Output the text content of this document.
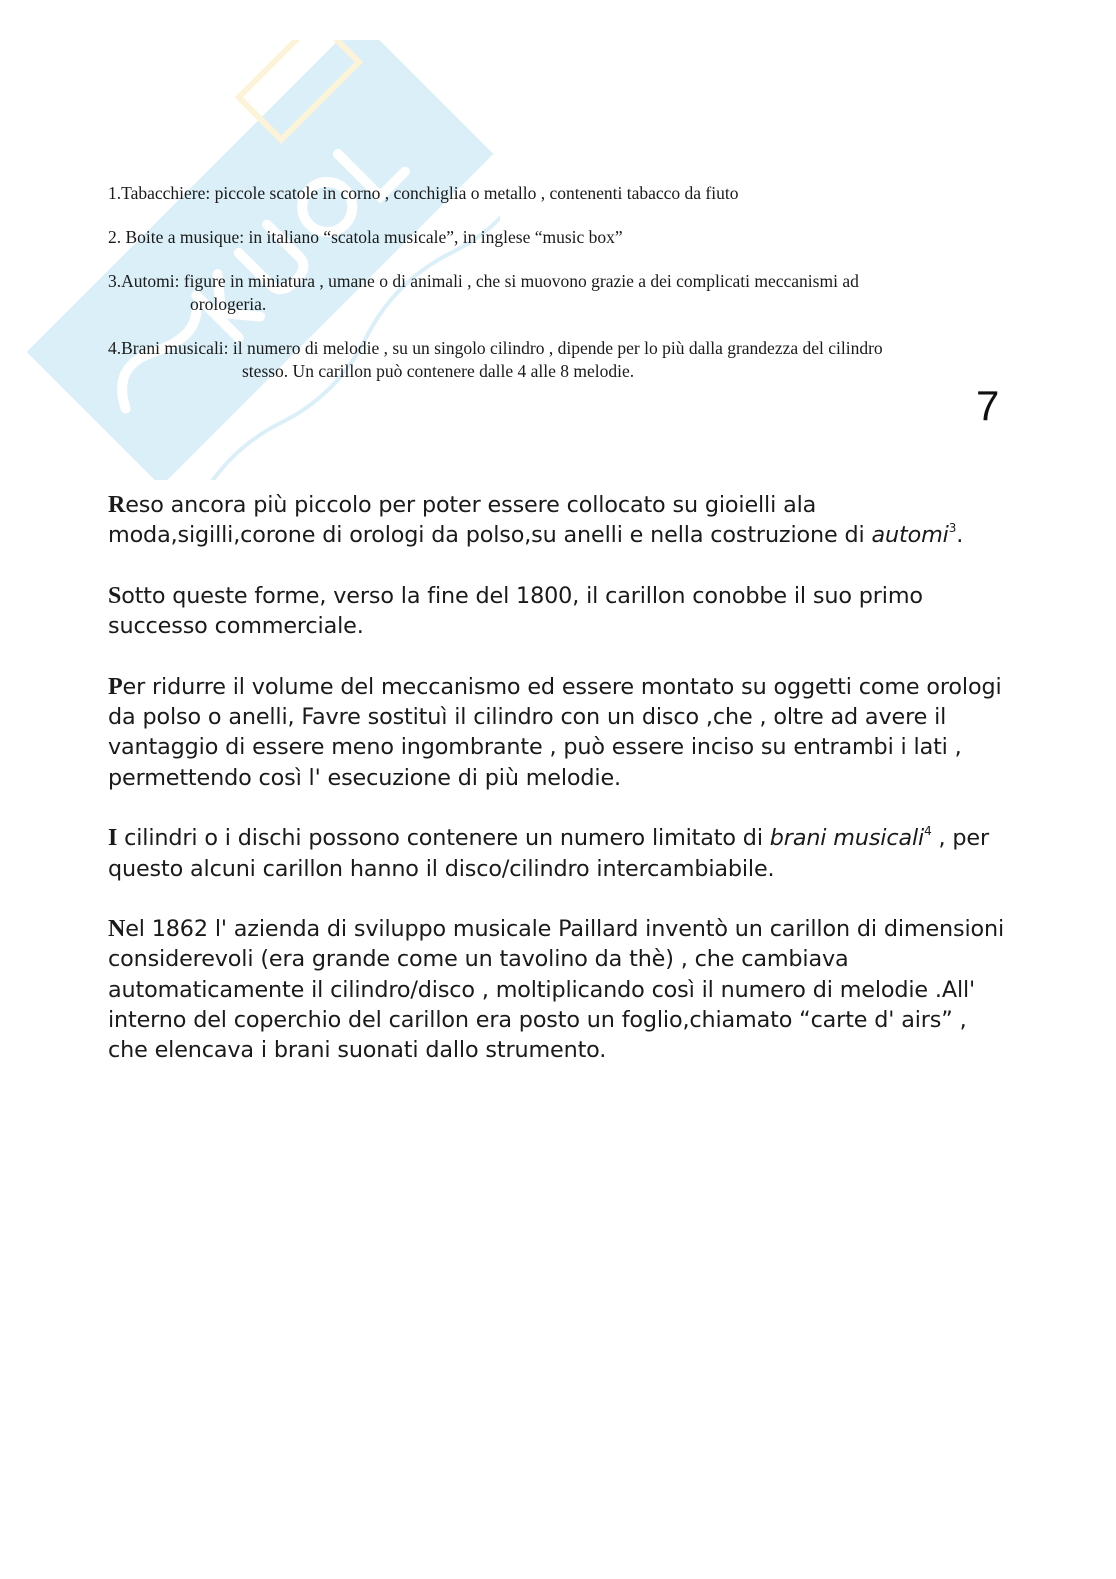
1.Tabacchiere: piccole scatole in corno , conchiglia o metallo , contenenti tabacco da fiuto
2. Boite a musique: in italiano “scatola musicale”, in inglese “music box”
3.Automi: figure in miniatura , umane o di animali , che si muovono grazie a dei complicati meccanismi ad
orologeria.
4.Brani musicali: il numero di melodie , su un singolo cilindro , dipende per lo più dalla grandezza del cilindro
stesso. Un carillon può contenere dalle 4 alle 8 melodie.
7

Reso ancora più piccolo per poter essere collocato su gioielli ala moda,sigilli,corone di orologi da polso,su anelli e nella costruzione di automi$^3$.

Sotto queste forme, verso la fine del 1800, il carillon conobbe il suo primo successo commerciale.

Per ridurre il volume del meccanismo ed essere montato su oggetti come orologi da polso o anelli, Favre sostituì il cilindro con un disco ,che , oltre ad avere il vantaggio di essere meno ingombrante , può essere inciso su entrambi i lati , permettendo così l' esecuzione di più melodie.

I cilindri o i dischi possono contenere un numero limitato di brani musicali$^4$ , per questo alcuni carillon hanno il disco/cilindro intercambiabile.

Nel 1862 l' azienda di sviluppo musicale Paillard inventò un carillon di dimensioni considerevoli (era grande come un tavolino da thè) , che cambiava automaticamente il cilindro/disco , moltiplicando così il numero di melodie .All' interno del coperchio del carillon era posto un foglio,chiamato “carte d' airs” , che elencava i brani suonati dallo strumento.
